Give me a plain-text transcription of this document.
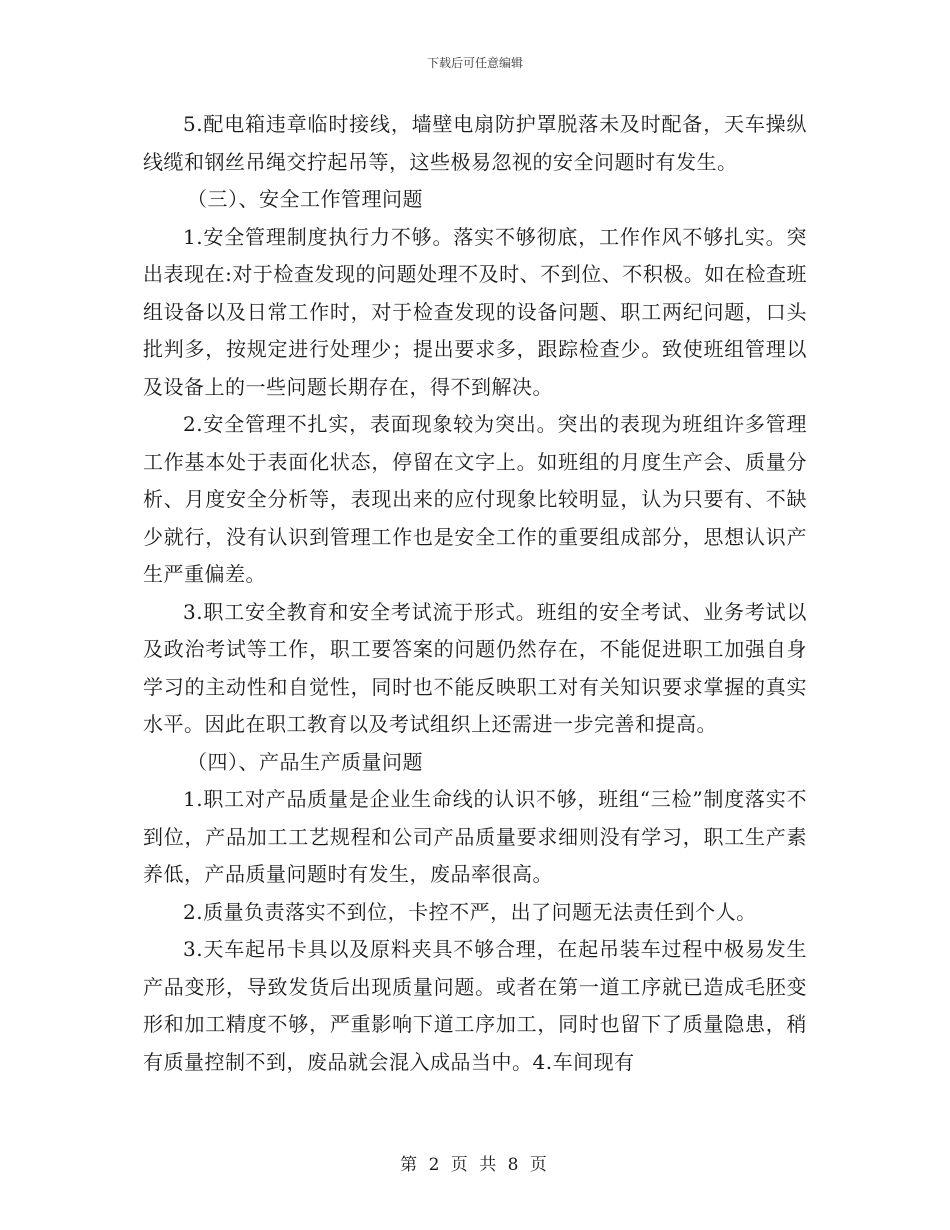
下载后可任意编辑

5.配电箱违章临时接线，墙壁电扇防护罩脱落未及时配备，天车操纵线缆和钢丝吊绳交拧起吊等，这些极易忽视的安全问题时有发生。

（三）、安全工作管理问题

1.安全管理制度执行力不够。落实不够彻底，工作作风不够扎实。突出表现在:对于检查发现的问题处理不及时、不到位、不积极。如在检查班组设备以及日常工作时，对于检查发现的设备问题、职工两纪问题，口头批判多，按规定进行处理少；提出要求多，跟踪检查少。致使班组管理以及设备上的一些问题长期存在，得不到解决。

2.安全管理不扎实，表面现象较为突出。突出的表现为班组许多管理工作基本处于表面化状态，停留在文字上。如班组的月度生产会、质量分析、月度安全分析等，表现出来的应付现象比较明显，认为只要有、不缺少就行，没有认识到管理工作也是安全工作的重要组成部分，思想认识产生严重偏差。

3.职工安全教育和安全考试流于形式。班组的安全考试、业务考试以及政治考试等工作，职工要答案的问题仍然存在，不能促进职工加强自身学习的主动性和自觉性，同时也不能反映职工对有关知识要求掌握的真实水平。因此在职工教育以及考试组织上还需进一步完善和提高。

（四）、产品生产质量问题

1.职工对产品质量是企业生命线的认识不够，班组“三检”制度落实不到位，产品加工工艺规程和公司产品质量要求细则没有学习，职工生产素养低，产品质量问题时有发生，废品率很高。

2.质量负责落实不到位，卡控不严，出了问题无法责任到个人。

3.天车起吊卡具以及原料夹具不够合理，在起吊装车过程中极易发生产品变形，导致发货后出现质量问题。或者在第一道工序就已造成毛胚变形和加工精度不够，严重影响下道工序加工，同时也留下了质量隐患，稍有质量控制不到，废品就会混入成品当中。4.车间现有

第 2 页 共 8 页
